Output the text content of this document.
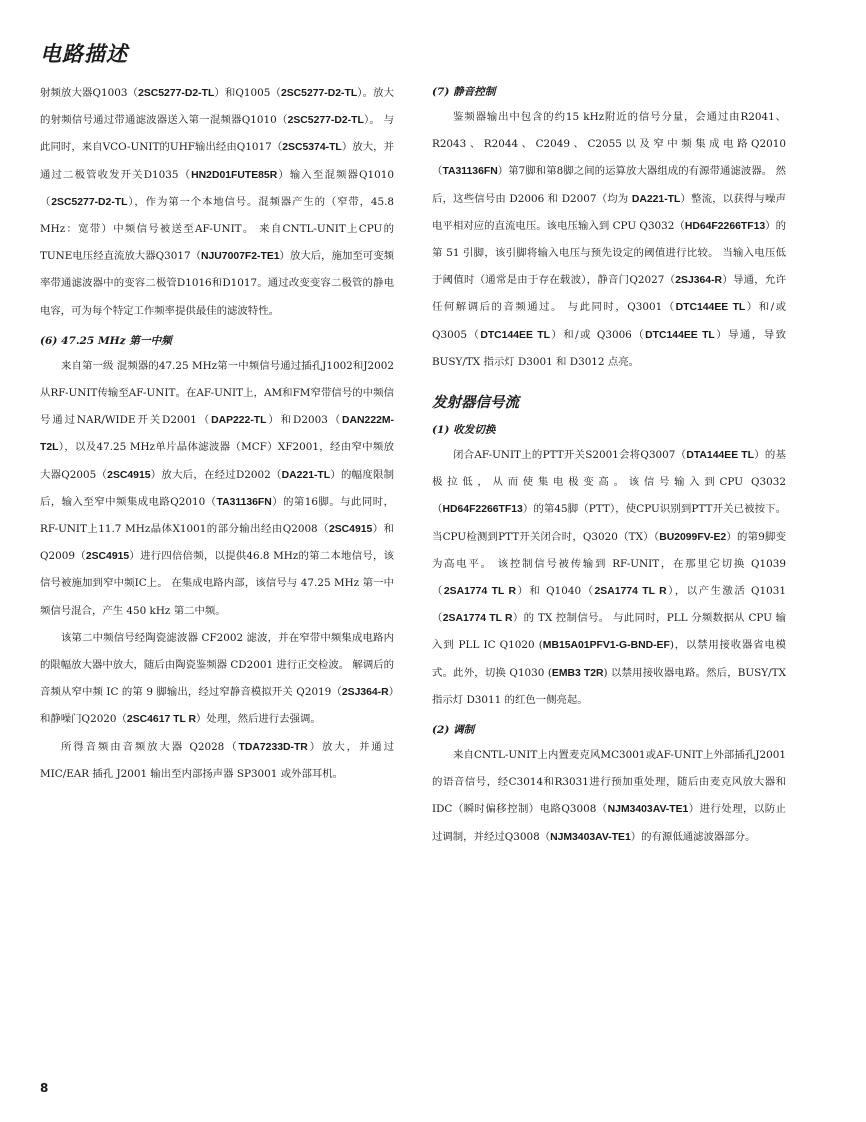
电路描述

射频放大器Q1003（2SC5277-D2-TL）和Q1005（2SC5277-D2-TL）。放大的射频信号通过带通滤波器送入第一混频器Q1010（2SC5277-D2-TL）。 与此同时，来自VCO-UNIT的UHF输出经由Q1017（2SC5374-TL）放大，并通过二极管收发开关D1035（HN2D01FUTE85R）输入至混频器Q1010（2SC5277-D2-TL），作为第一个本地信号。混频器产生的（窄带，45.8 MHz：宽带）中频信号被送至AF-UNIT。 来自CNTL-UNIT上CPU的TUNE电压经直流放大器Q3017（NJU7007F2-TE1）放大后，施加至可变频率带通滤波器中的变容二极管D1016和D1017。通过改变变容二极管的静电电容，可为每个特定工作频率提供最佳的滤波特性。

(6) 47.25 MHz 第一中频

来自第一级 混频器的47.25 MHz第一中频信号通过插孔J1002和J2002从RF-UNIT传输至AF-UNIT。在AF-UNIT上，AM和FM窄带信号的中频信号通过NAR/WIDE开关D2001（DAP222-TL）和D2003（DAN222M-T2L），以及47.25 MHz单片晶体滤波器（MCF）XF2001，经由窄中频放大器Q2005（2SC4915）放大后，在经过D2002（DA221-TL）的幅度限制后，输入至窄中频集成电路Q2010（TA31136FN）的第16脚。与此同时，RF-UNIT上11.7 MHz晶体X1001的部分输出经由Q2008（2SC4915）和Q2009（2SC4915）进行四倍倍频，以提供46.8 MHz的第二本地信号，该信号被施加到窄中频IC上。 在集成电路内部，该信号与 47.25 MHz 第一中频信号混合，产生 450 kHz 第二中频。

该第二中频信号经陶瓷滤波器 CF2002 滤波，并在窄带中频集成电路内的限幅放大器中放大，随后由陶瓷鉴频器 CD2001 进行正交检波。 解调后的音频从窄中频 IC 的第 9 脚输出，经过窄静音模拟开关 Q2019（2SJ364-R）和静噪门Q2020（2SC4617 TL R）处理，然后进行去强调。

所得音频由音频放大器 Q2028（TDA7233D-TR）放大，并通过MIC/EAR 插孔 J2001 输出至内部扬声器 SP3001 或外部耳机。

(7) 静音控制

鉴频器输出中包含的约15 kHz附近的信号分量，会通过由R2041、R2043、R2044、C2049、C2055以及窄中频集成电路Q2010（TA31136FN）第7脚和第8脚之间的运算放大器组成的有源带通滤波器。 然后，这些信号由 D2006 和 D2007（均为 DA221-TL）整流，以获得与噪声电平相对应的直流电压。该电压输入到 CPU Q3032（HD64F2266TF13）的第 51 引脚，该引脚将输入电压与预先设定的阈值进行比较。 当输入电压低于阈值时（通常是由于存在载波），静音门Q2027（2SJ364-R）导通，允许任何解调后的音频通过。 与此同时，Q3001（DTC144EE TL）和/或 Q3005（DTC144EE TL）和/或 Q3006（DTC144EE TL）导通，导致 BUSY/TX 指示灯 D3001 和 D3012 点亮。

发射器信号流
(1) 收发切换

闭合AF-UNIT上的PTT开关S2001会将Q3007（DTA144EE TL）的基极拉低，从而使集电极变高。该信号输入到CPU Q3032（HD64F2266TF13）的第45脚（PTT），使CPU识别到PTT开关已被按下。 当CPU检测到PTT开关闭合时，Q3020（TX）（BU2099FV-E2）的第9脚变为高电平。 该控制信号被传输到 RF-UNIT，在那里它切换 Q1039（2SA1774 TL R）和 Q1040（2SA1774 TL R），以产生激活 Q1031（2SA1774 TL R）的 TX 控制信号。 与此同时，PLL 分频数据从 CPU 输入到 PLL IC Q1020 (MB15A01PFV1-G-BND-EF)，以禁用接收器省电模式。此外，切换 Q1030 (EMB3 T2R) 以禁用接收器电路。然后，BUSY/TX 指示灯 D3011 的红色一侧亮起。

(2) 调制

来自CNTL-UNIT上内置麦克风MC3001或AF-UNIT上外部插孔J2001的语音信号，经C3014和R3031进行预加重处理，随后由麦克风放大器和IDC（瞬时偏移控制）电路Q3008（NJM3403AV-TE1）进行处理，以防止过调制，并经过Q3008（NJM3403AV-TE1）的有源低通滤波器部分。

8
